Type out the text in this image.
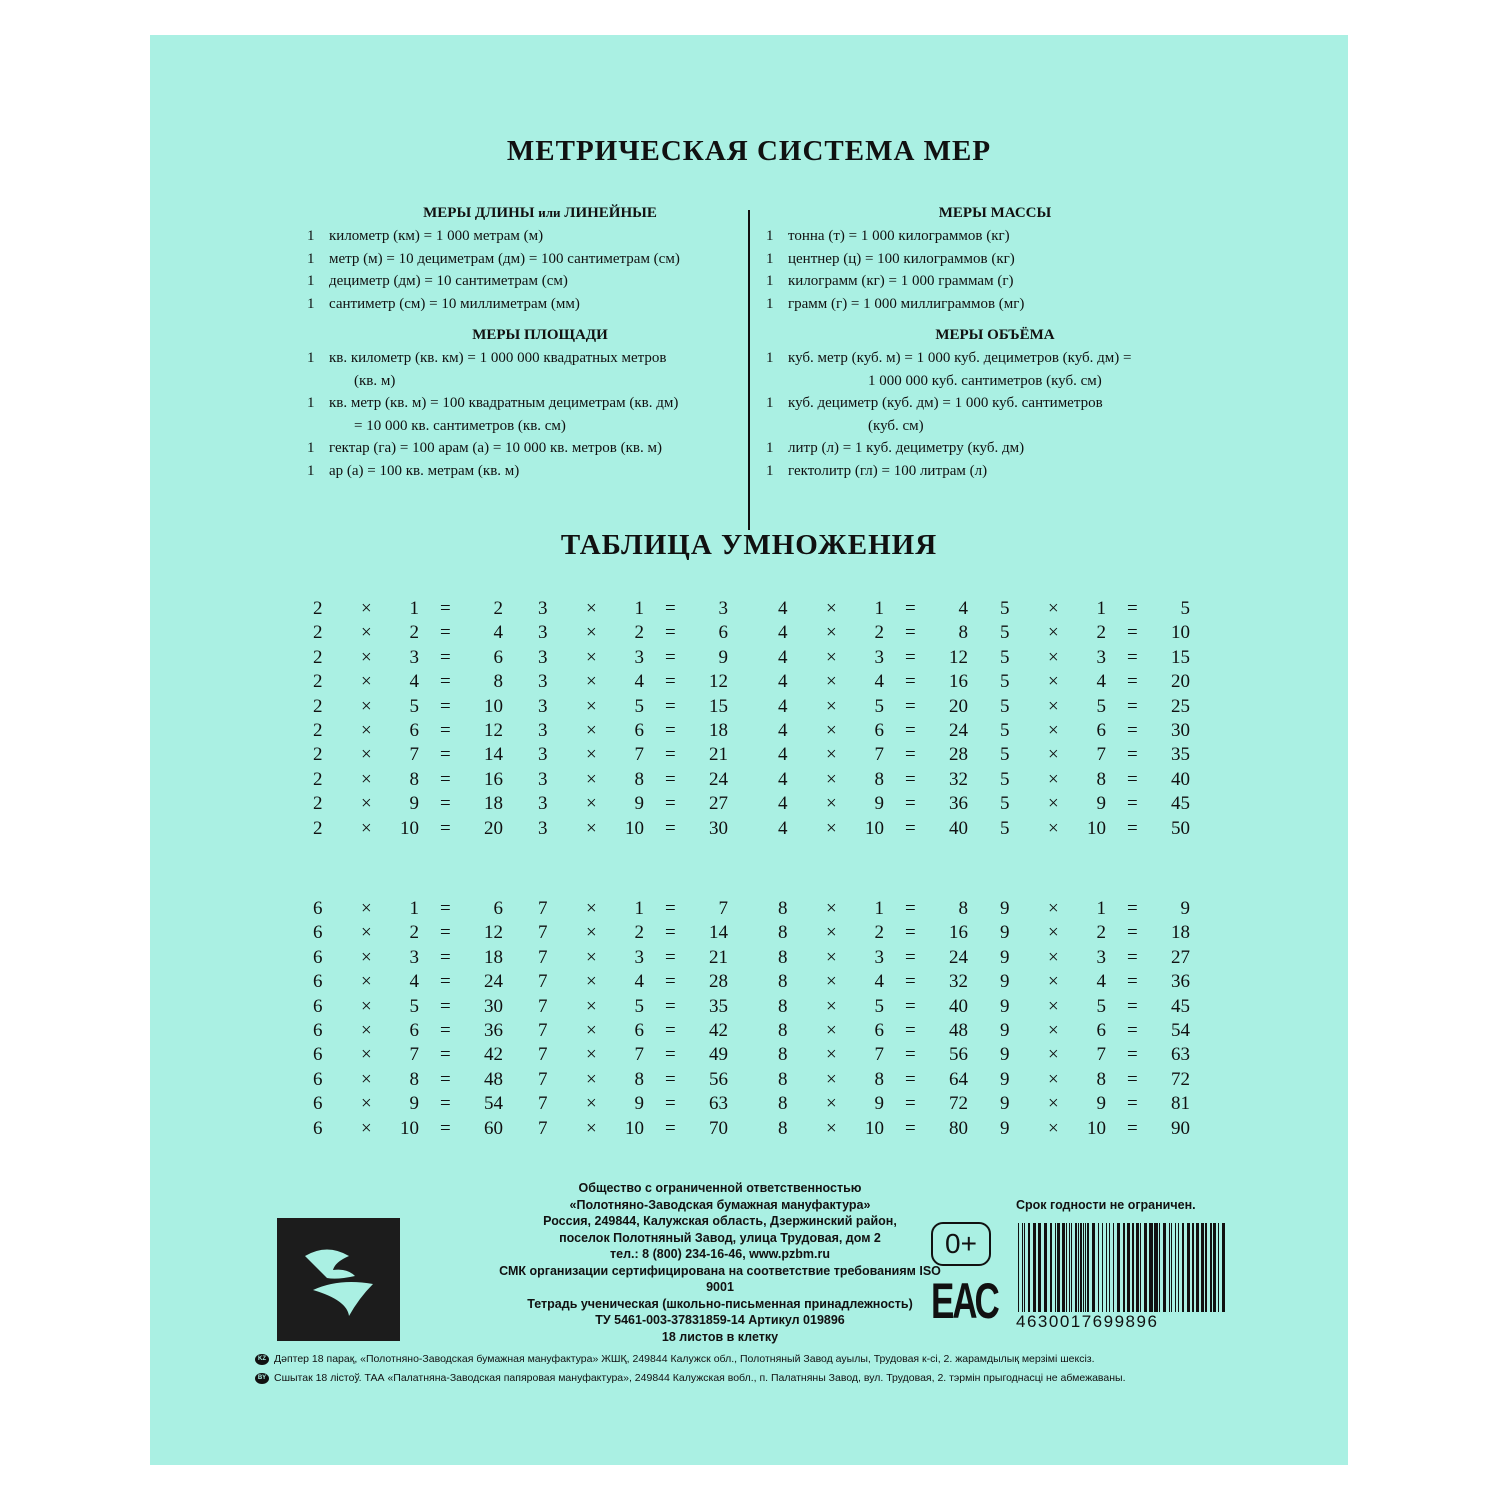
МЕТРИЧЕСКАЯ СИСТЕМА МЕР
МЕРЫ ДЛИНЫ или ЛИНЕЙНЫЕ
1 километр (км) = 1 000 метрам (м)
1 метр (м) = 10 дециметрам (дм) = 100 сантиметрам (см)
1 дециметр (дм) = 10 сантиметрам (см)
1 сантиметр (см) = 10 миллиметрам (мм)
МЕРЫ ПЛОЩАДИ
1 кв. километр (кв. км) = 1 000 000 квадратных метров
(кв. м)
1 кв. метр (кв. м) = 100 квадратным дециметрам (кв. дм)
= 10 000 кв. сантиметров (кв. см)
1 гектар (га) = 100 арам (а) = 10 000 кв. метров (кв. м)
1 ар (а) = 100 кв. метрам (кв. м)
МЕРЫ МАССЫ
1 тонна (т) = 1 000 килограммов (кг)
1 центнер (ц) = 100 килограммов (кг)
1 килограмм (кг) = 1 000 граммам (г)
1 грамм (г) = 1 000 миллиграммов (мг)
МЕРЫ ОБЪЁМА
1 куб. метр (куб. м) = 1 000 куб. дециметров (куб. дм) =
1 000 000 куб. сантиметров (куб. см)
1 куб. дециметр (куб. дм) = 1 000 куб. сантиметров
(куб. см)
1 литр (л) = 1 куб. дециметру (куб. дм)
1 гектолитр (гл) = 100 литрам (л)
ТАБЛИЦА УМНОЖЕНИЯ
2 × 1 = 2
2 × 2 = 4
2 × 3 = 6
2 × 4 = 8
2 × 5 = 10
2 × 6 = 12
2 × 7 = 14
2 × 8 = 16
2 × 9 = 18
2 × 10 = 20
3 × 1 = 3
3 × 2 = 6
3 × 3 = 9
3 × 4 = 12
3 × 5 = 15
3 × 6 = 18
3 × 7 = 21
3 × 8 = 24
3 × 9 = 27
3 × 10 = 30
4 × 1 = 4
4 × 2 = 8
4 × 3 = 12
4 × 4 = 16
4 × 5 = 20
4 × 6 = 24
4 × 7 = 28
4 × 8 = 32
4 × 9 = 36
4 × 10 = 40
5 × 1 = 5
5 × 2 = 10
5 × 3 = 15
5 × 4 = 20
5 × 5 = 25
5 × 6 = 30
5 × 7 = 35
5 × 8 = 40
5 × 9 = 45
5 × 10 = 50
6 × 1 = 6
6 × 2 = 12
6 × 3 = 18
6 × 4 = 24
6 × 5 = 30
6 × 6 = 36
6 × 7 = 42
6 × 8 = 48
6 × 9 = 54
6 × 10 = 60
7 × 1 = 7
7 × 2 = 14
7 × 3 = 21
7 × 4 = 28
7 × 5 = 35
7 × 6 = 42
7 × 7 = 49
7 × 8 = 56
7 × 9 = 63
7 × 10 = 70
8 × 1 = 8
8 × 2 = 16
8 × 3 = 24
8 × 4 = 32
8 × 5 = 40
8 × 6 = 48
8 × 7 = 56
8 × 8 = 64
8 × 9 = 72
8 × 10 = 80
9 × 1 = 9
9 × 2 = 18
9 × 3 = 27
9 × 4 = 36
9 × 5 = 45
9 × 6 = 54
9 × 7 = 63
9 × 8 = 72
9 × 9 = 81
9 × 10 = 90
Общество с ограниченной ответственностью
«Полотняно-Заводская бумажная мануфактура»
Россия, 249844, Калужская область, Дзержинский район,
поселок Полотняный Завод, улица Трудовая, дом 2
тел.: 8 (800) 234-16-46, www.pzbm.ru
СМК организации сертифицирована на соответствие требованиям ISO 9001
Тетрадь ученическая (школьно-письменная принадлежность)
ТУ 5461-003-37831859-14 Артикул 019896
18 листов в клетку
0+
ЕАС
Срок годности не ограничен.
4630017699896
KZ Дәптер 18 парақ, «Полотняно-Заводская бумажная мануфактура» ЖШҚ, 249844 Калужск обл., Полотняный Завод ауылы, Трудовая к-сі, 2. жарамдылық мерзімі шексіз.
BY Сшытак 18 лістоў. ТАА «Палатняна-Заводская папяровая мануфактура», 249844 Калужская вобл., п. Палатняны Завод, вул. Трудовая, 2. тэрмін прыгоднасці не абмежаваны.
